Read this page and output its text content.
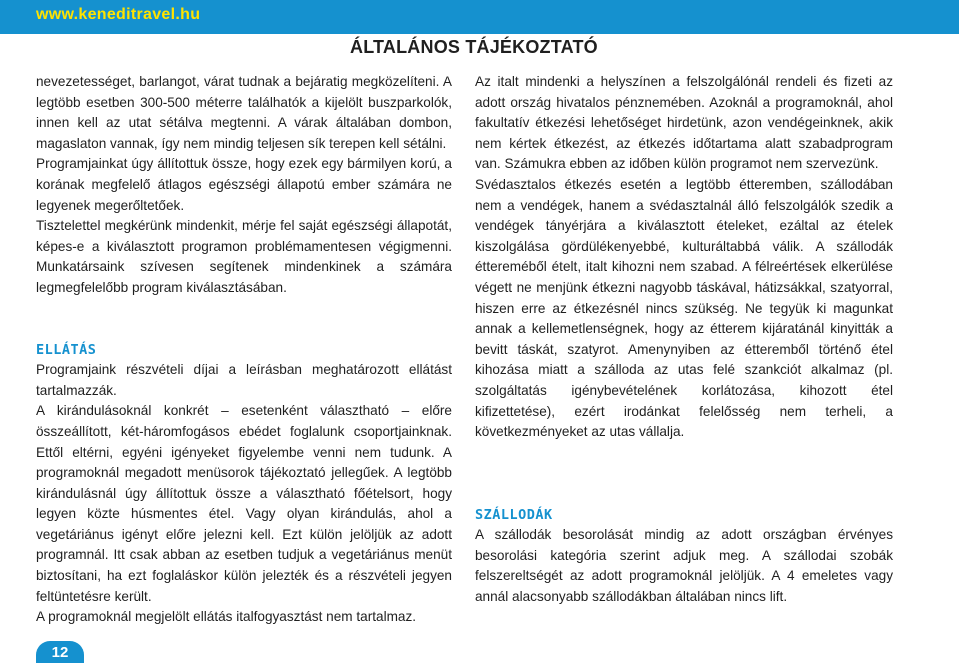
www.keneditravel.hu
ÁLTALÁNOS TÁJÉKOZTATÓ

nevezetességet, barlangot, várat tudnak a bejáratig megközelíteni. A legtöbb esetben 300-500 méterre találhatók a kijelölt buszparkolók, innen kell az utat sétálva megtenni. A várak általában dombon, magaslaton vannak, így nem mindig teljesen sík terepen kell sétálni.

Programjainkat úgy állítottuk össze, hogy ezek egy bármilyen korú, a korának megfelelő átlagos egészségi állapotú ember számára ne legyenek megerőltetőek.

Tisztelettel megkérünk mindenkit, mérje fel saját egészségi állapotát, képes-e a kiválasztott programon problémamentesen végigmenni. Munkatársaink szívesen segítenek mindenkinek a számára legmegfelelőbb program kiválasztásában.

ELLÁTÁS

Programjaink részvételi díjai a leírásban meghatározott ellátást tartalmazzák.

A kirándulásoknál konkrét – esetenként választható – előre összeállított, két-háromfogásos ebédet foglalunk csoportjainknak. Ettől eltérni, egyéni igényeket figyelembe venni nem tudunk. A programoknál megadott menüsorok tájékoztató jellegűek. A legtöbb kirándulásnál úgy állítottuk össze a választható főételsort, hogy legyen közte húsmentes étel. Vagy olyan kirándulás, ahol a vegetáriánus igényt előre jelezni kell. Ezt külön jelöljük az adott programnál. Itt csak abban az esetben tudjuk a vegetáriánus menüt biztosítani, ha ezt foglaláskor külön jelezték és a részvételi jegyen feltüntetésre került.

A programoknál megjelölt ellátás italfogyasztást nem tartalmaz.

Az italt mindenki a helyszínen a felszolgálónál rendeli és fizeti az adott ország hivatalos pénznemében. Azoknál a programoknál, ahol fakultatív étkezési lehetőséget hirdetünk, azon vendégeinknek, akik nem kértek étkezést, az étkezés időtartama alatt szabadprogram van. Számukra ebben az időben külön programot nem szervezünk.

Svédasztalos étkezés esetén a legtöbb étteremben, szállodában nem a vendégek, hanem a svédasztalnál álló felszolgálók szedik a vendégek tányérjára a kiválasztott ételeket, ezáltal az ételek kiszolgálása gördülékenyebbé, kulturáltabbá válik. A szállodák éttereméből ételt, italt kihozni nem szabad. A félreértések elkerülése végett ne menjünk étkezni nagyobb táskával, hátizsákkal, szatyorral, hiszen erre az étkezésnél nincs szükség. Ne tegyük ki magunkat annak a kellemetlenségnek, hogy az étterem kijáratánál kinyitták a bevitt táskát, szatyrot. Amenynyiben az étteremből történő étel kihozása miatt a szálloda az utas felé szankciót alkalmaz (pl. szolgáltatás igénybevételének korlátozása, kihozott étel kifizettetése), ezért irodánkat felelősség nem terheli, a következményeket az utas vállalja.

SZÁLLODÁK

A szállodák besorolását mindig az adott országban érvényes besorolási kategória szerint adjuk meg. A szállodai szobák felszereltségét az adott programoknál jelöljük. A 4 emeletes vagy annál alacsonyabb szállodákban általában nincs lift.

12
